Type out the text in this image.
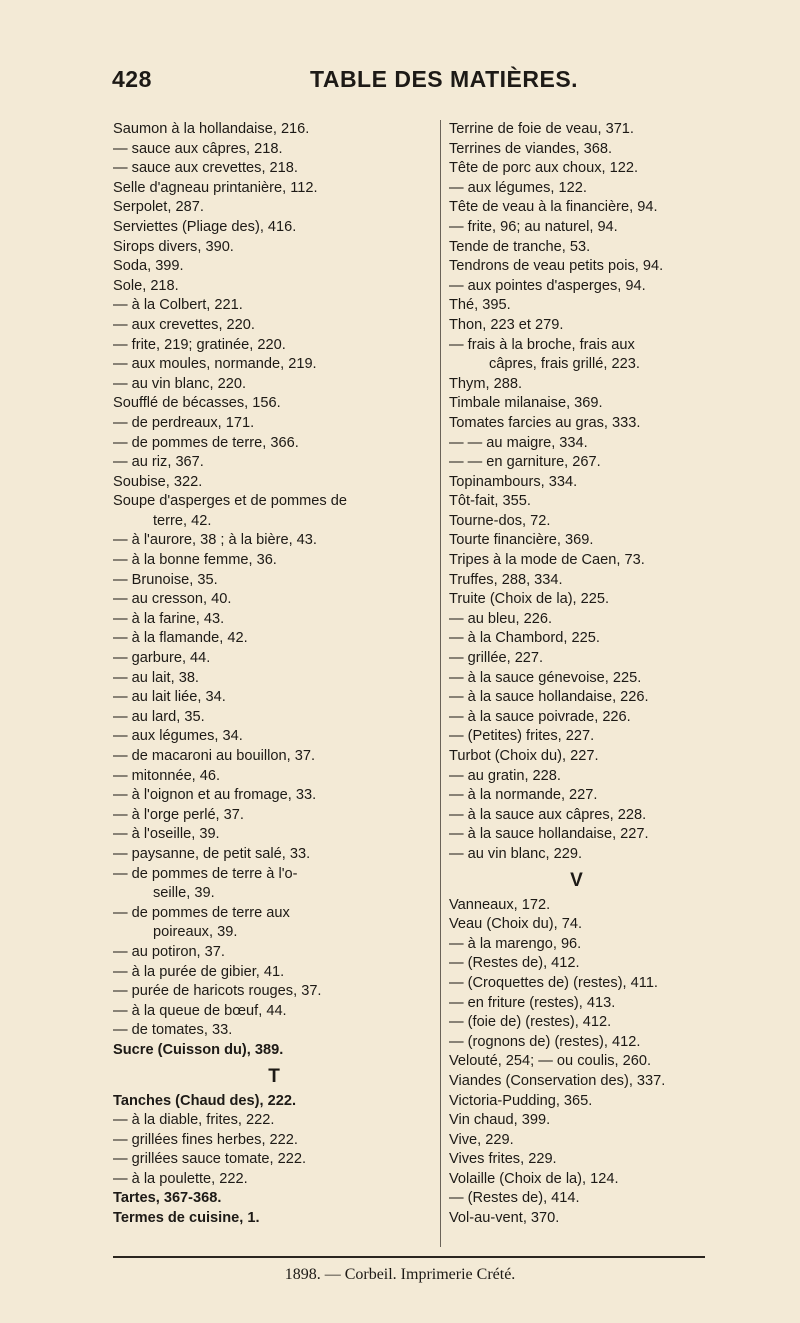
428	TABLE DES MATIÈRES.
Saumon à la hollandaise, 216.
— sauce aux câpres, 218.
— sauce aux crevettes, 218.
Selle d'agneau printanière, 112.
Serpolet, 287.
Serviettes (Pliage des), 416.
Sirops divers, 390.
Soda, 399.
Sole, 218.
— à la Colbert, 221.
— aux crevettes, 220.
— frite, 219; gratinée, 220.
— aux moules, normande, 219.
— au vin blanc, 220.
Soufflé de bécasses, 156.
— de perdreaux, 171.
— de pommes de terre, 366.
— au riz, 367.
Soubise, 322.
Soupe d'asperges et de pommes de
terre, 42.
— à l'aurore, 38 ; à la bière, 43.
— à la bonne femme, 36.
— Brunoise, 35.
— au cresson, 40.
— à la farine, 43.
— à la flamande, 42.
— garbure, 44.
— au lait, 38.
— au lait liée, 34.
— au lard, 35.
— aux légumes, 34.
— de macaroni au bouillon, 37.
— mitonnée, 46.
— à l'oignon et au fromage, 33.
— à l'orge perlé, 37.
— à l'oseille, 39.
— paysanne, de petit salé, 33.
— de pommes de terre à l'o-
seille, 39.
— de pommes de terre aux
poireaux, 39.
— au potiron, 37.
— à la purée de gibier, 41.
— purée de haricots rouges, 37.
— à la queue de bœuf, 44.
— de tomates, 33.
Sucre (Cuisson du), 389.
T
Tanches (Chaud des), 222.
— à la diable, frites, 222.
— grillées fines herbes, 222.
— grillées sauce tomate, 222.
— à la poulette, 222.
Tartes, 367-368.
Termes de cuisine, 1.
Terrine de foie de veau, 371.
Terrines de viandes, 368.
Tête de porc aux choux, 122.
— aux légumes, 122.
Tête de veau à la financière, 94.
— frite, 96; au naturel, 94.
Tende de tranche, 53.
Tendrons de veau petits pois, 94.
— aux pointes d'asperges, 94.
Thé, 395.
Thon, 223 et 279.
— frais à la broche, frais aux
câpres, frais grillé, 223.
Thym, 288.
Timbale milanaise, 369.
Tomates farcies au gras, 333.
— — au maigre, 334.
— — en garniture, 267.
Topinambours, 334.
Tôt-fait, 355.
Tourne-dos, 72.
Tourte financière, 369.
Tripes à la mode de Caen, 73.
Truffes, 288, 334.
Truite (Choix de la), 225.
— au bleu, 226.
— à la Chambord, 225.
— grillée, 227.
— à la sauce génevoise, 225.
— à la sauce hollandaise, 226.
— à la sauce poivrade, 226.
— (Petites) frites, 227.
Turbot (Choix du), 227.
— au gratin, 228.
— à la normande, 227.
— à la sauce aux câpres, 228.
— à la sauce hollandaise, 227.
— au vin blanc, 229.
V
Vanneaux, 172.
Veau (Choix du), 74.
— à la marengo, 96.
— (Restes de), 412.
— (Croquettes de) (restes), 411.
— en friture (restes), 413.
— (foie de) (restes), 412.
— (rognons de) (restes), 412.
Velouté, 254; — ou coulis, 260.
Viandes (Conservation des), 337.
Victoria-Pudding, 365.
Vin chaud, 399.
Vive, 229.
Vives frites, 229.
Volaille (Choix de la), 124.
— (Restes de), 414.
Vol-au-vent, 370.
1898. — Corbeil. Imprimerie Crété.
